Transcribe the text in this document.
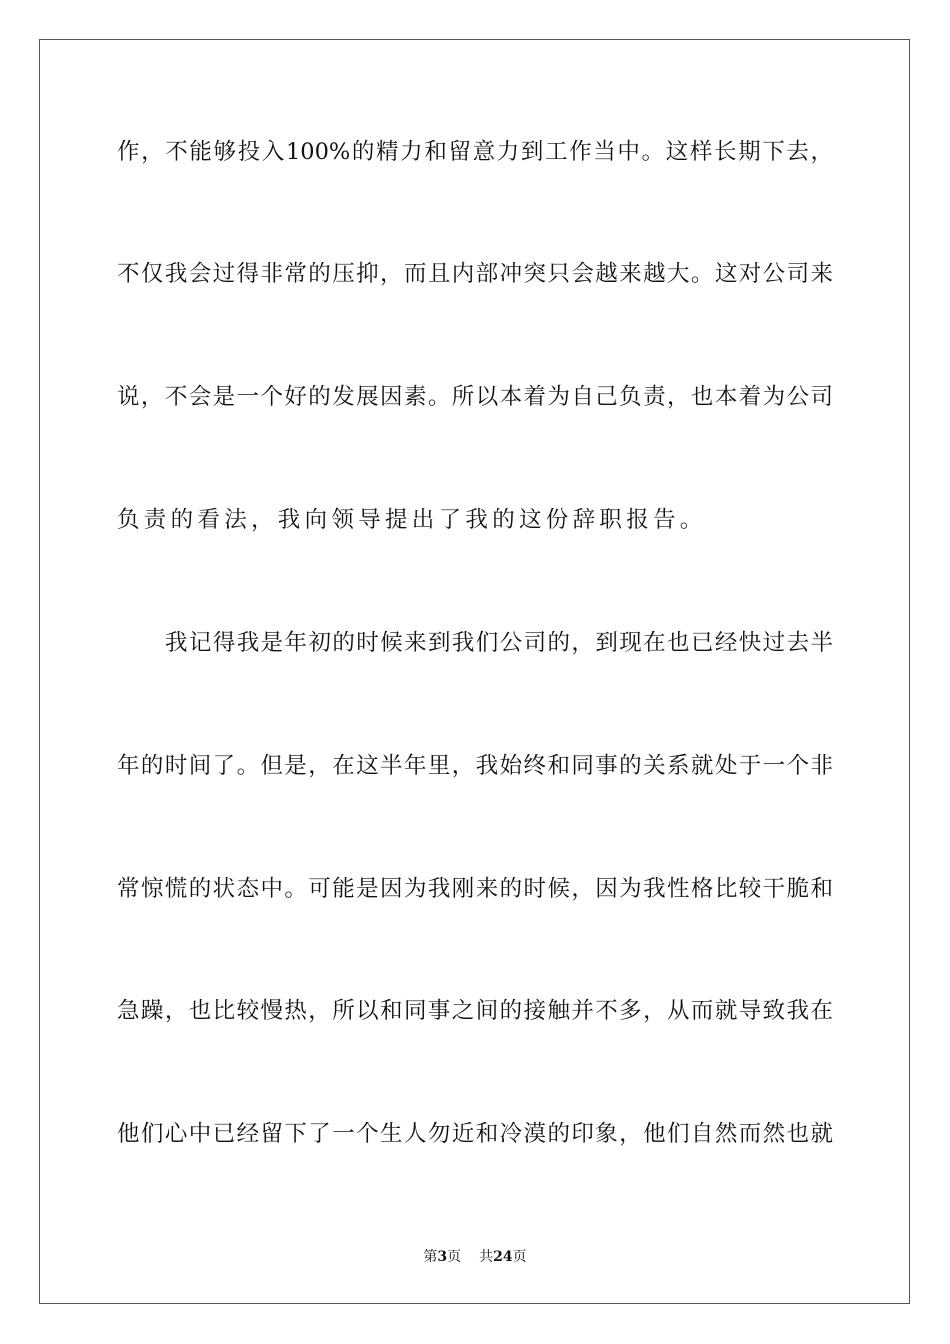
作，不能够投入100%的精力和留意力到工作当中。这样长期下去，
不仅我会过得非常的压抑，而且内部冲突只会越来越大。这对公司来
说，不会是一个好的发展因素。所以本着为自己负责，也本着为公司
负责的看法，我向领导提出了我的这份辞职报告。
我记得我是年初的时候来到我们公司的，到现在也已经快过去半
年的时间了。但是，在这半年里，我始终和同事的关系就处于一个非
常惊慌的状态中。可能是因为我刚来的时候，因为我性格比较干脆和
急躁，也比较慢热，所以和同事之间的接触并不多，从而就导致我在
他们心中已经留下了一个生人勿近和冷漠的印象，他们自然而然也就
第3页 共24页
